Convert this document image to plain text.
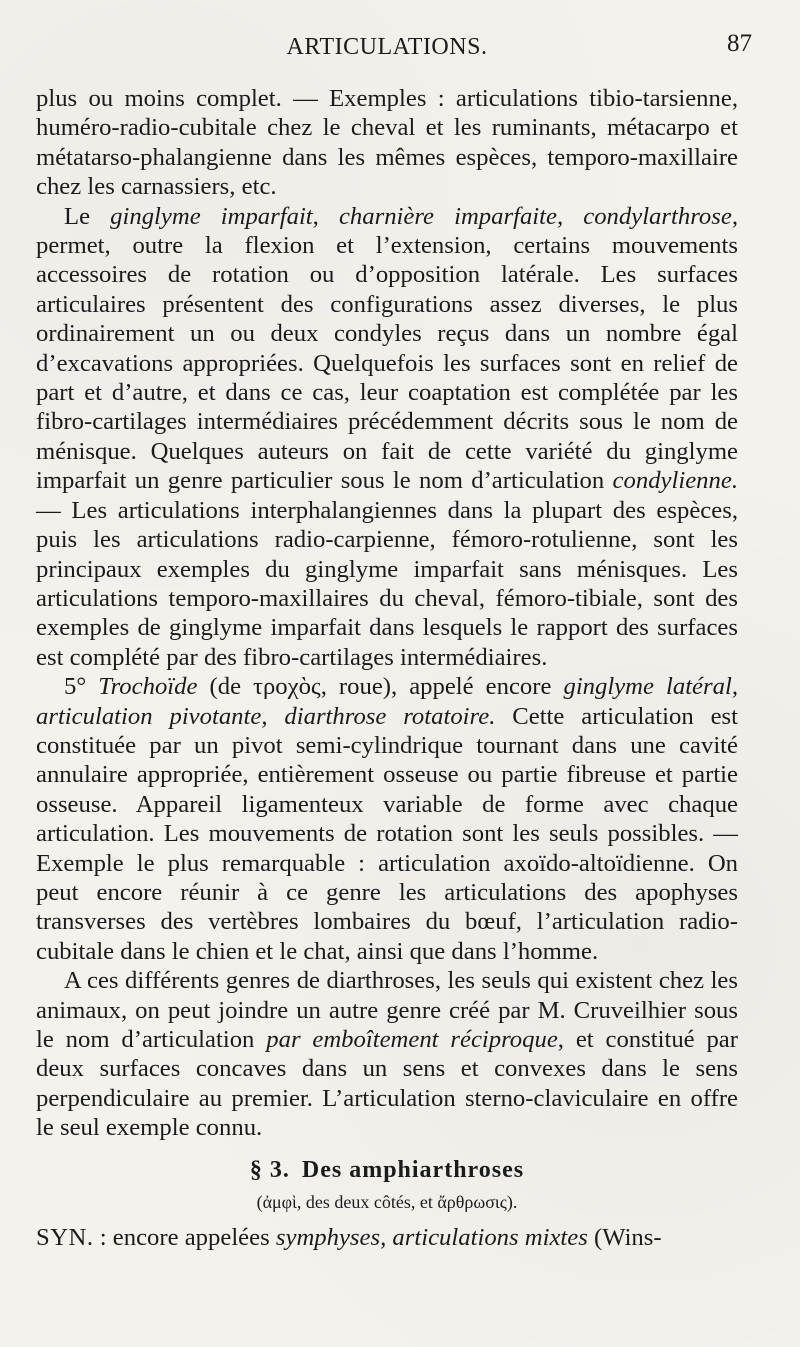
ARTICULATIONS.	87

plus ou moins complet. — Exemples : articulations tibio-tarsienne, huméro-radio-cubitale chez le cheval et les ruminants, métacarpo et métatarso-phalangienne dans les mêmes espèces, temporo-maxillaire chez les carnassiers, etc.

Le ginglyme imparfait, charnière imparfaite, condylarthrose, permet, outre la flexion et l’extension, certains mouvements accessoires de rotation ou d’opposition latérale. Les surfaces articulaires présentent des configurations assez diverses, le plus ordinairement un ou deux condyles reçus dans un nombre égal d’excavations appropriées. Quelquefois les surfaces sont en relief de part et d’autre, et dans ce cas, leur coaptation est complétée par les fibro-cartilages intermédiaires précédemment décrits sous le nom de ménisque. Quelques auteurs on fait de cette variété du ginglyme imparfait un genre particulier sous le nom d’articulation condylienne.— Les articulations interphalangiennes dans la plupart des espèces, puis les articulations radio-carpienne, fémoro-rotulienne, sont les principaux exemples du ginglyme imparfait sans ménisques. Les articulations temporo-maxillaires du cheval, fémoro-tibiale, sont des exemples de ginglyme imparfait dans lesquels le rapport des surfaces est complété par des fibro-cartilages intermédiaires.

5° Trochoïde (de τροχὸς, roue), appelé encore ginglyme latéral, articulation pivotante, diarthrose rotatoire. Cette articulation est constituée par un pivot semi-cylindrique tournant dans une cavité annulaire appropriée, entièrement osseuse ou partie fibreuse et partie osseuse. Appareil ligamenteux variable de forme avec chaque articulation. Les mouvements de rotation sont les seuls possibles. — Exemple le plus remarquable : articulation axoïdo-altoïdienne. On peut encore réunir à ce genre les articulations des apophyses transverses des vertèbres lombaires du bœuf, l’articulation radio-cubitale dans le chien et le chat, ainsi que dans l’homme.

A ces différents genres de diarthroses, les seuls qui existent chez les animaux, on peut joindre un autre genre créé par M. Cruveilhier sous le nom d’articulation par emboîtement réciproque, et constitué par deux surfaces concaves dans un sens et convexes dans le sens perpendiculaire au premier. L’articulation sterno-claviculaire en offre le seul exemple connu.

§ 3. Des amphiarthroses
(ἀμφὶ, des deux côtés, et ἄρθρωσις).
SYN. : encore appelées symphyses, articulations mixtes (Wins-
